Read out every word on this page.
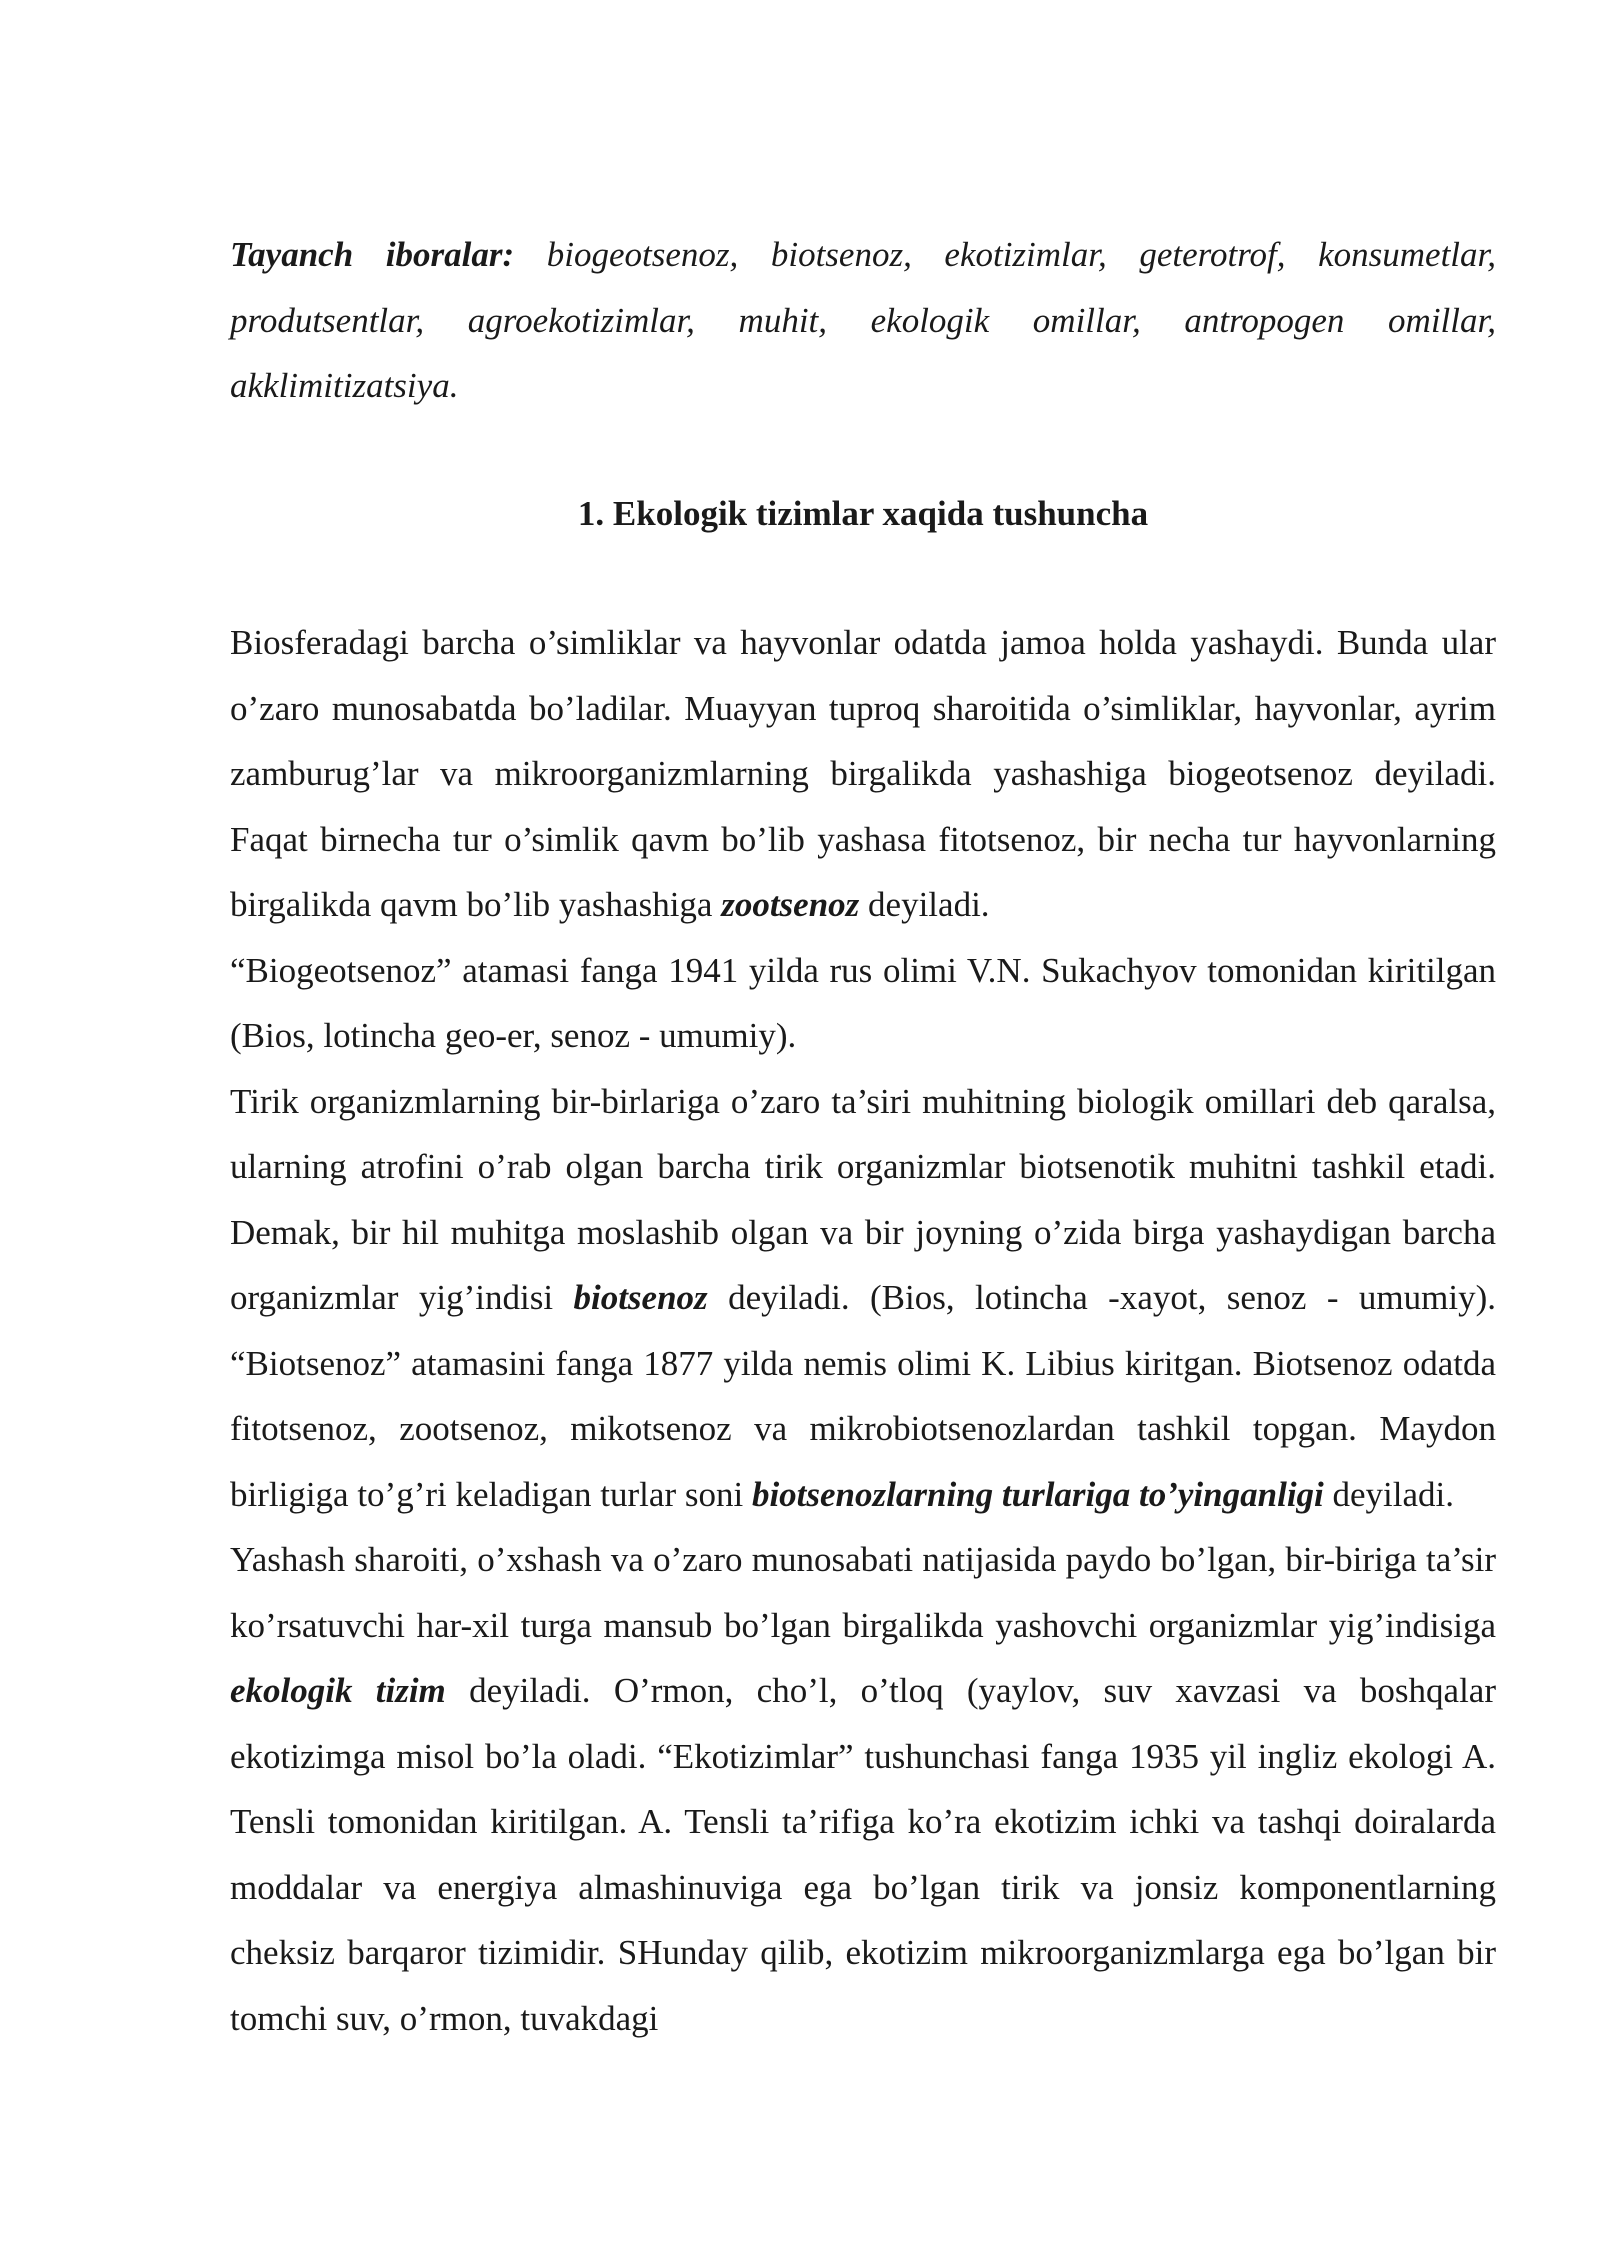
Tayanch iboralar: biogeotsenoz, biotsenoz, ekotizimlar, geterotrof, konsumetlar, produtsentlar, agroekotizimlar, muhit, ekologik omillar, antropogen omillar, akklimitizatsiya.

1. Ekologik tizimlar xaqida tushuncha

Biosferadagi barcha o’simliklar va hayvonlar odatda jamoa holda yashaydi. Bunda ular o’zaro munosabatda bo’ladilar. Muayyan tuproq sharoitida o’simliklar, hayvonlar, ayrim zamburug’lar va mikroorganizmlarning birgalikda yashashiga biogeotsenoz deyiladi. Faqat birnecha tur o’simlik qavm bo’lib yashasa fitotsenoz, bir necha tur hayvonlarning birgalikda qavm bo’lib yashashiga zootsenoz deyiladi.

“Biogeotsenoz” atamasi fanga 1941 yilda rus olimi V.N. Sukachyov tomonidan kiritilgan (Bios, lotincha geo-er, senoz - umumiy).

Tirik organizmlarning bir-birlariga o’zaro ta’siri muhitning biologik omillari deb qaralsa, ularning atrofini o’rab olgan barcha tirik organizmlar biotsenotik muhitni tashkil etadi. Demak, bir hil muhitga moslashib olgan va bir joyning o’zida birga yashaydigan barcha organizmlar yig’indisi biotsenoz deyiladi. (Bios, lotincha -xayot, senoz - umumiy). “Biotsenoz” atamasini fanga 1877 yilda nemis olimi K. Libius kiritgan. Biotsenoz odatda fitotsenoz, zootsenoz, mikotsenoz va mikrobiotsenozlardan tashkil topgan. Maydon birligiga to’g’ri keladigan turlar soni biotsenozlarning turlariga to’yinganligi deyiladi.

Yashash sharoiti, o’xshash va o’zaro munosabati natijasida paydo bo’lgan, bir-biriga ta’sir ko’rsatuvchi har-xil turga mansub bo’lgan birgalikda yashovchi organizmlar yig’indisiga ekologik tizim deyiladi. O’rmon, cho’l, o’tloq (yaylov, suv xavzasi va boshqalar ekotizimga misol bo’la oladi. “Ekotizimlar” tushunchasi fanga 1935 yil ingliz ekologi A. Tensli tomonidan kiritilgan. A. Tensli ta’rifiga ko’ra ekotizim ichki va tashqi doiralarda moddalar va energiya almashinuviga ega bo’lgan tirik va jonsiz komponentlarning cheksiz barqaror tizimidir. SHunday qilib, ekotizim mikroorganizmlarga ega bo’lgan bir tomchi suv, o’rmon, tuvakdagi
